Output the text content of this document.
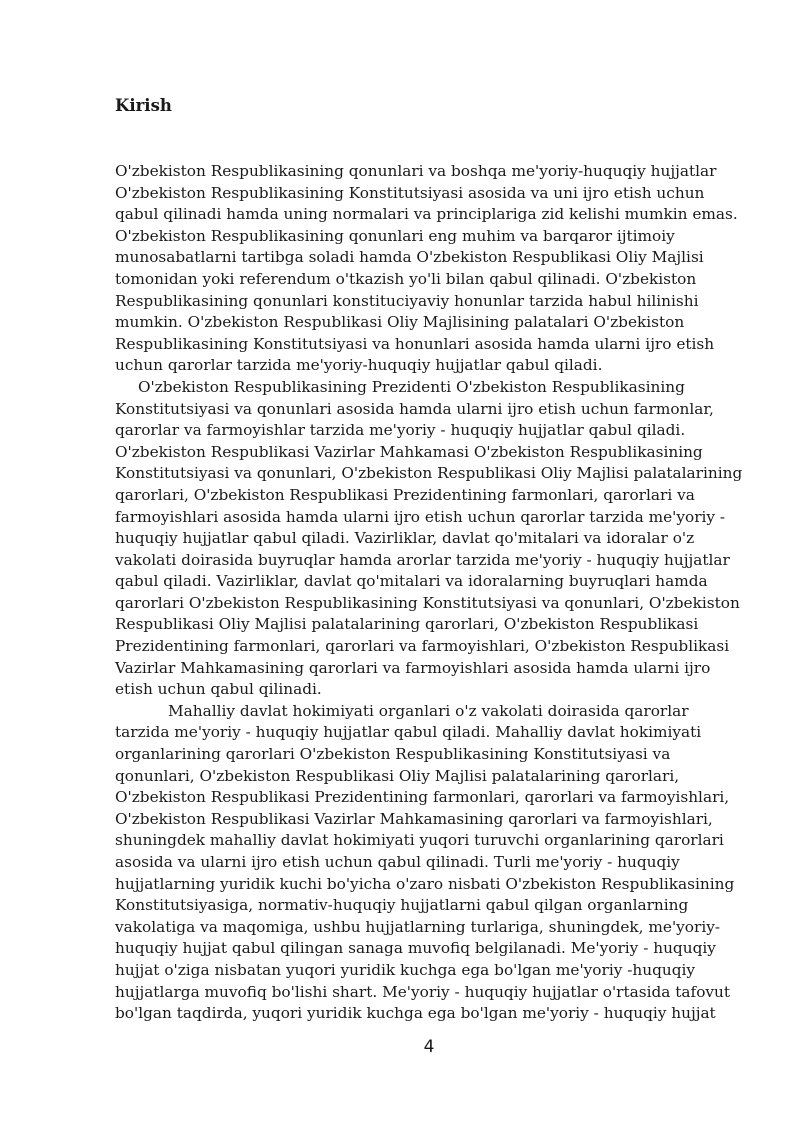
Kirish

O'zbekiston Respublikasining qonunlari va boshqa me'yoriy-huquqiy hujjatlar O'zbekiston Respublikasining Konstitutsiyasi asosida va uni ijro etish uchun qabul qilinadi hamda uning normalari va principlariga zid kelishi mumkin emas. O'zbekiston Respublikasining qonunlari eng muhim va barqaror ijtimoiy munosabatlarni tartibga soladi hamda O'zbekiston Respublikasi Oliy Majlisi tomonidan yoki referendum o'tkazish yo'li bilan qabul qilinadi. O'zbekiston Respublikasining qonunlari konstituciyaviy honunlar tarzida habul hilinishi mumkin. O'zbekiston Respublikasi Oliy Majlisining palatalari O'zbekiston Respublikasining Konstitutsiyasi va honunlari asosida hamda ularni ijro etish uchun qarorlar tarzida me'yoriy-huquqiy hujjatlar qabul qiladi.

O'zbekiston Respublikasining Prezidenti O'zbekiston Respublikasining Konstitutsiyasi va qonunlari asosida hamda ularni ijro etish uchun farmonlar, qarorlar va farmoyishlar tarzida me'yoriy - huquqiy hujjatlar qabul qiladi. O'zbekiston Respublikasi Vazirlar Mahkamasi O'zbekiston Respublikasining Konstitutsiyasi va qonunlari, O'zbekiston Respublikasi Oliy Majlisi palatalarining qarorlari, O'zbekiston Respublikasi Prezidentining farmonlari, qarorlari va farmoyishlari asosida hamda ularni ijro etish uchun qarorlar tarzida me'yoriy - huquqiy hujjatlar qabul qiladi. Vazirliklar, davlat qo'mitalari va idoralar o'z vakolati doirasida buyruqlar hamda arorlar tarzida me'yoriy - huquqiy hujjatlar qabul qiladi. Vazirliklar, davlat qo'mitalari va idoralarning buyruqlari hamda qarorlari O'zbekiston Respublikasining Konstitutsiyasi va qonunlari, O'zbekiston Respublikasi Oliy Majlisi palatalarining qarorlari, O'zbekiston Respublikasi Prezidentining farmonlari, qarorlari va farmoyishlari, O'zbekiston Respublikasi Vazirlar Mahkamasining qarorlari va farmoyishlari asosida hamda ularni ijro etish uchun qabul qilinadi.

Mahalliy davlat hokimiyati organlari o'z vakolati doirasida qarorlar tarzida me'yoriy - huquqiy hujjatlar qabul qiladi. Mahalliy davlat hokimiyati organlarining qarorlari O'zbekiston Respublikasining Konstitutsiyasi va qonunlari, O'zbekiston Respublikasi Oliy Majlisi palatalarining qarorlari, O'zbekiston Respublikasi Prezidentining farmonlari, qarorlari va farmoyishlari, O'zbekiston Respublikasi Vazirlar Mahkamasining qarorlari va farmoyishlari, shuningdek mahalliy davlat hokimiyati yuqori turuvchi organlarining qarorlari asosida va ularni ijro etish uchun qabul qilinadi. Turli me'yoriy - huquqiy hujjatlarning yuridik kuchi bo'yicha o'zaro nisbati O'zbekiston Respublikasining Konstitutsiyasiga, normativ-huquqiy hujjatlarni qabul qilgan organlarning vakolatiga va maqomiga, ushbu hujjatlarning turlariga, shuningdek, me'yoriy-huquqiy hujjat qabul qilingan sanaga muvofiq belgilanadi. Me'yoriy - huquqiy hujjat o'ziga nisbatan yuqori yuridik kuchga ega bo'lgan me'yoriy -huquqiy hujjatlarga muvofiq bo'lishi shart. Me'yoriy - huquqiy hujjatlar o'rtasida tafovut bo'lgan taqdirda, yuqori yuridik kuchga ega bo'lgan me'yoriy - huquqiy hujjat

4
